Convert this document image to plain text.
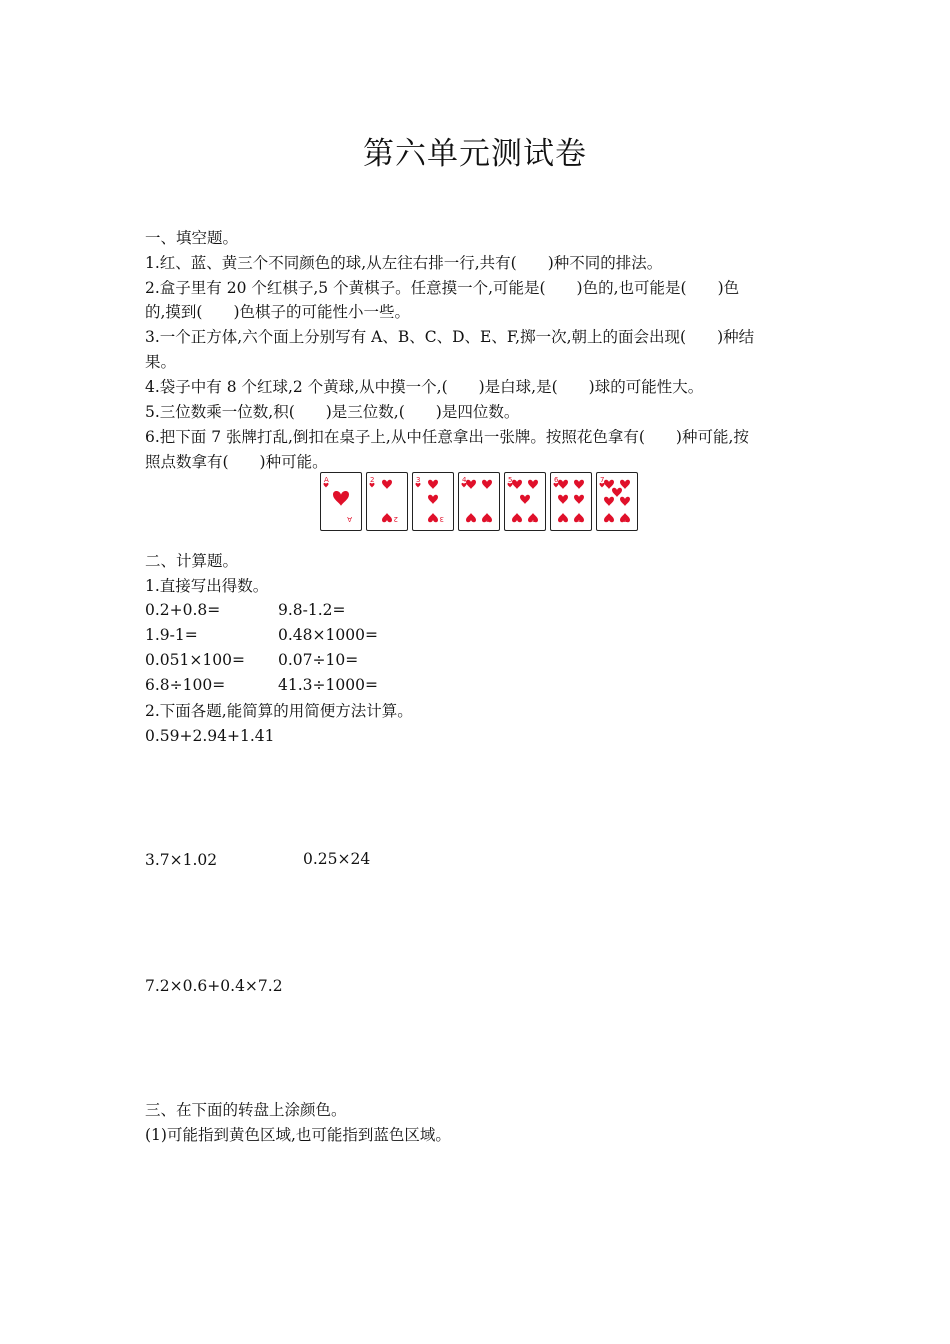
第六单元测试卷
一、填空题。
1.红、蓝、黄三个不同颜色的球,从左往右排一行,共有(　　)种不同的排法。
2.盒子里有 20 个红棋子,5 个黄棋子。任意摸一个,可能是(　　)色的,也可能是(　　)色
的,摸到(　　)色棋子的可能性小一些。
3.一个正方体,六个面上分别写有 A、B、C、D、E、F,掷一次,朝上的面会出现(　　)种结
果。
4.袋子中有 8 个红球,2 个黄球,从中摸一个,(　　)是白球,是(　　)球的可能性大。
5.三位数乘一位数,积(　　)是三位数,(　　)是四位数。
6.把下面 7 张牌打乱,倒扣在桌子上,从中任意拿出一张牌。按照花色拿有(　　)种可能,按
照点数拿有(　　)种可能。
A
A
2
2
3
3
4	5	6	7
二、计算题。
1.直接写出得数。
0.2+0.8=	9.8-1.2=
1.9-1=	0.48×1000=
0.051×100= 0.07÷10=
6.8÷100=	41.3÷1000=
2.下面各题,能简算的用简便方法计算。
0.59+2.94+1.41
3.7×1.02	0.25×24
7.2×0.6+0.4×7.2
三、在下面的转盘上涂颜色。
(1)可能指到黄色区域,也可能指到蓝色区域。
